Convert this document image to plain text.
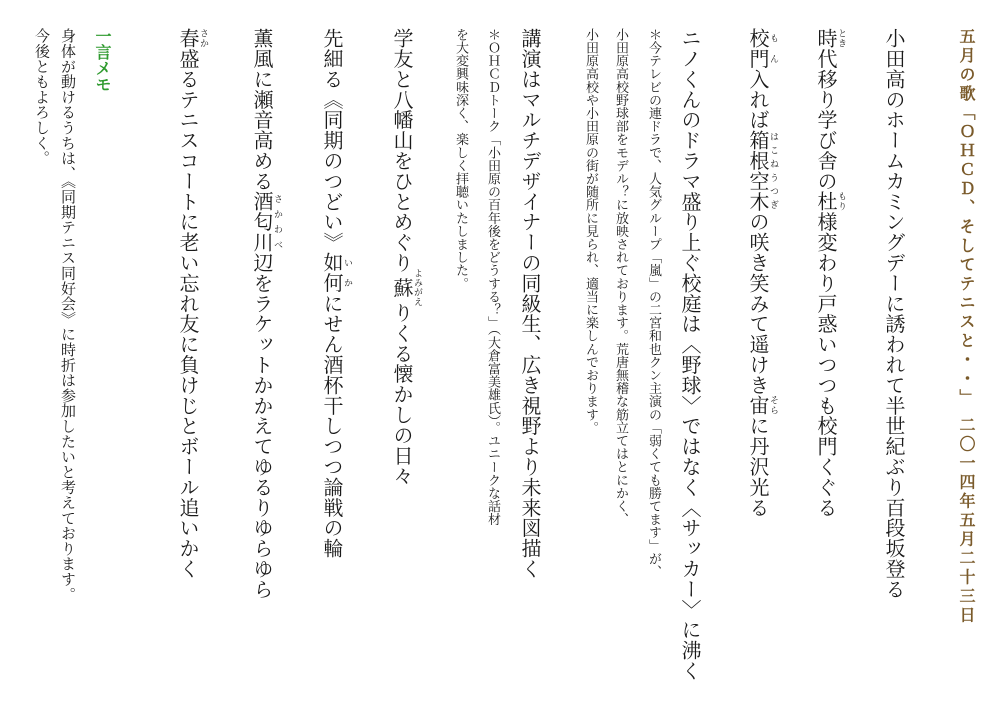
五月の歌「ＯＨＣＤ、そしてテニスと・・」 二〇一四年五月二十三日
小田高のホームカミングデーに誘われて半世紀ぶり百段坂登る
時とき代移り学び舎の杜もり様変わり戸惑いつつも校門くぐる
校門もん入れば箱根空木はこねうつぎの咲き笑みて遥けき宙そらに丹沢光る
ニノくんのドラマ盛り上ぐ校庭は〈野球〉ではなく〈サッカー〉に沸く
＊今テレビの連ドラで、人気グループ「嵐」の二宮和也クン主演の「弱くても勝てます」が、
小田原高校野球部をモデル？に放映されております。荒唐無稽な筋立てはとにかく、
小田原高校や小田原の街が随所に見られ、適当に楽しんでおります。
講演はマルチデザイナーの同級生、広き視野より未来図描く
＊ＯＨＣＤトーク「小田原の百年後をどうする？」（大倉富美雄氏）。ユニークな話材
を大変興味深く、楽しく拝聴いたしました。
学友と八幡山をひとめぐり蘇よみがえりくる懐かしの日々
先細る《同期のつどい》如何いかにせん酒杯干しつつ論戦の輪
薫風に瀬音高める酒匂川さかわべ辺をラケットかかえてゆるりゆらゆら
春さか盛るテニスコートに老い忘れ友に負けじとボール追いかく
一言メモ
身体が動けるうちは、《同期テニス同好会》に時折は参加したいと考えております。
今後ともよろしく。
